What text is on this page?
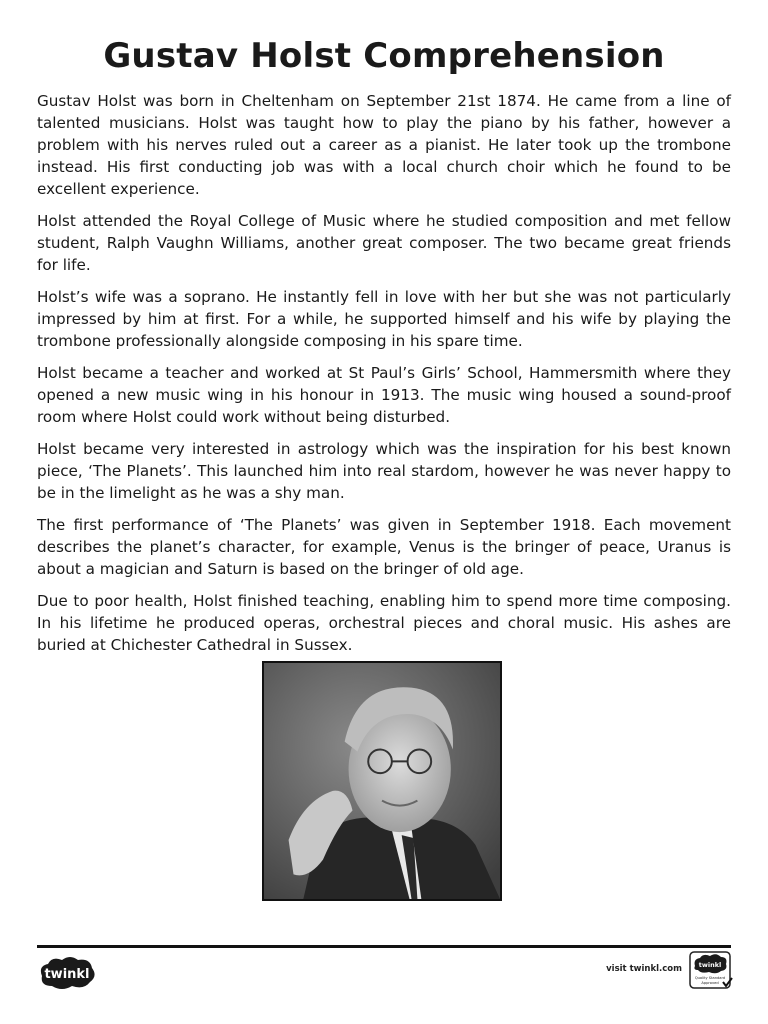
Gustav Holst Comprehension

Gustav Holst was born in Cheltenham on September 21st 1874. He came from a line of talented musicians. Holst was taught how to play the piano by his father, however a problem with his nerves ruled out a career as a pianist. He later took up the trombone instead. His first conducting job was with a local church choir which he found to be excellent experience.

Holst attended the Royal College of Music where he studied composition and met fellow student, Ralph Vaughn Williams, another great composer. The two became great friends for life.

Holst’s wife was a soprano. He instantly fell in love with her but she was not particularly impressed by him at first. For a while, he supported himself and his wife by playing the trombone professionally alongside composing in his spare time.

Holst became a teacher and worked at St Paul’s Girls’ School, Hammersmith where they opened a new music wing in his honour in 1913. The music wing housed a sound-proof room where Holst could work without being disturbed.

Holst became very interested in astrology which was the inspiration for his best known piece, ‘The Planets’. This launched him into real stardom, however he was never happy to be in the limelight as he was a shy man.

The first performance of ‘The Planets’ was given in September 1918. Each movement describes the planet’s character, for example, Venus is the bringer of peace, Uranus is about a magician and Saturn is based on the bringer of old age.

Due to poor health, Holst finished teaching, enabling him to spend more time composing. In his lifetime he produced operas, orchestral pieces and choral music. His ashes are buried at Chichester Cathedral in Sussex.

twinkl	visit twinkl.com	twinkl
Quality Standard
Approved
